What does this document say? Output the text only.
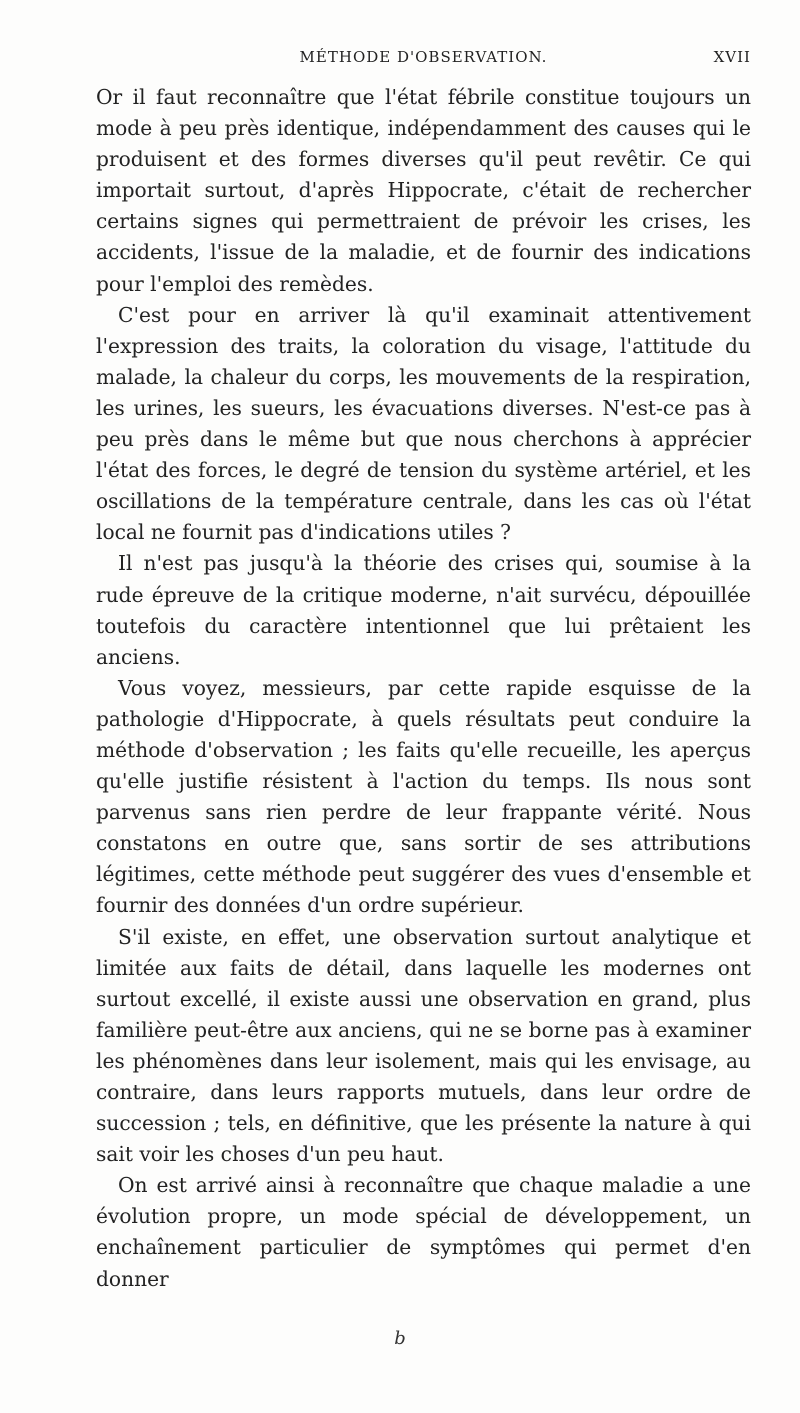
MÉTHODE D'OBSERVATION.	XVII

Or il faut reconnaître que l'état fébrile constitue toujours un mode à peu près identique, indépendamment des causes qui le produisent et des formes diverses qu'il peut revêtir. Ce qui importait surtout, d'après Hippocrate, c'était de rechercher certains signes qui permettraient de prévoir les crises, les accidents, l'issue de la maladie, et de fournir des indications pour l'emploi des remèdes.

C'est pour en arriver là qu'il examinait attentivement l'expression des traits, la coloration du visage, l'attitude du malade, la chaleur du corps, les mouvements de la respiration, les urines, les sueurs, les évacuations diverses. N'est-ce pas à peu près dans le même but que nous cherchons à apprécier l'état des forces, le degré de tension du système artériel, et les oscillations de la température centrale, dans les cas où l'état local ne fournit pas d'indications utiles ?

Il n'est pas jusqu'à la théorie des crises qui, soumise à la rude épreuve de la critique moderne, n'ait survécu, dépouillée toutefois du caractère intentionnel que lui prêtaient les anciens.

Vous voyez, messieurs, par cette rapide esquisse de la pathologie d'Hippocrate, à quels résultats peut conduire la méthode d'observation ; les faits qu'elle recueille, les aperçus qu'elle justifie résistent à l'action du temps. Ils nous sont parvenus sans rien perdre de leur frappante vérité. Nous constatons en outre que, sans sortir de ses attributions légitimes, cette méthode peut suggérer des vues d'ensemble et fournir des données d'un ordre supérieur.

S'il existe, en effet, une observation surtout analytique et limitée aux faits de détail, dans laquelle les modernes ont surtout excellé, il existe aussi une observation en grand, plus familière peut-être aux anciens, qui ne se borne pas à examiner les phénomènes dans leur isolement, mais qui les envisage, au contraire, dans leurs rapports mutuels, dans leur ordre de succession ; tels, en définitive, que les présente la nature à qui sait voir les choses d'un peu haut.

On est arrivé ainsi à reconnaître que chaque maladie a une évolution propre, un mode spécial de développement, un enchaînement particulier de symptômes qui permet d'en donner

b
